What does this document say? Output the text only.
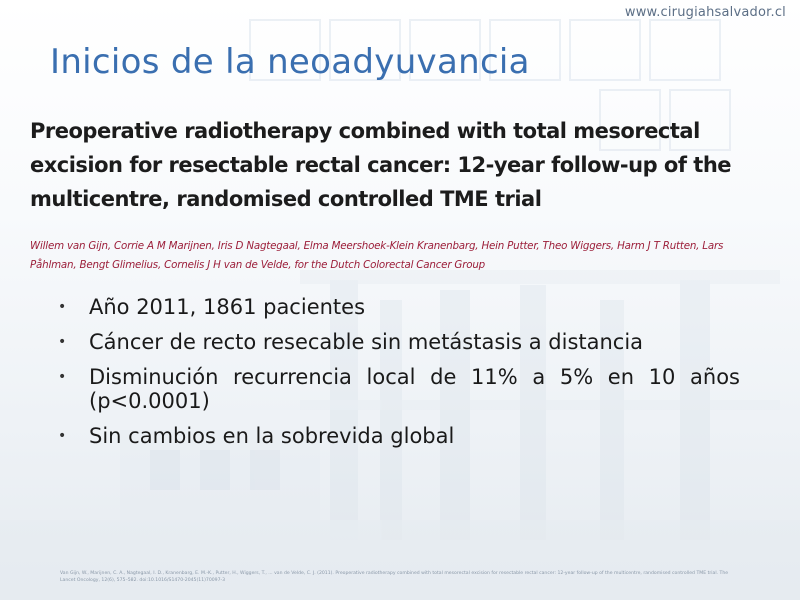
www.cirugiahsalvador.cl
Inicios de la neoadyuvancia

Preoperative radiotherapy combined with total mesorectal excision for resectable rectal cancer: 12-year follow-up of the multicentre, randomised controlled TME trial

Willem van Gijn, Corrie A M Marijnen, Iris D Nagtegaal, Elma Meershoek-Klein Kranenbarg, Hein Putter, Theo Wiggers, Harm J T Rutten, Lars Påhlman, Bengt Glimelius, Cornelis J H van de Velde, for the Dutch Colorectal Cancer Group

• Año 2011, 1861 pacientes
• Cáncer de recto resecable sin metástasis a distancia
• Disminución recurrencia local de 11% a 5% en 10 años (p<0.0001)
• Sin cambios en la sobrevida global

Van Gijn, W., Marijnen, C. A., Nagtegaal, I. D., Kranenbarg, E. M.-K., Putter, H., Wiggers, T., ... van de Velde, C. J. (2011). Preoperative radiotherapy combined with total mesorectal excision for resectable rectal cancer: 12-year follow-up of the multicentre, randomised controlled TME trial. The Lancet Oncology, 12(6), 575–582. doi:10.1016/S1470-2045(11)70097-3
